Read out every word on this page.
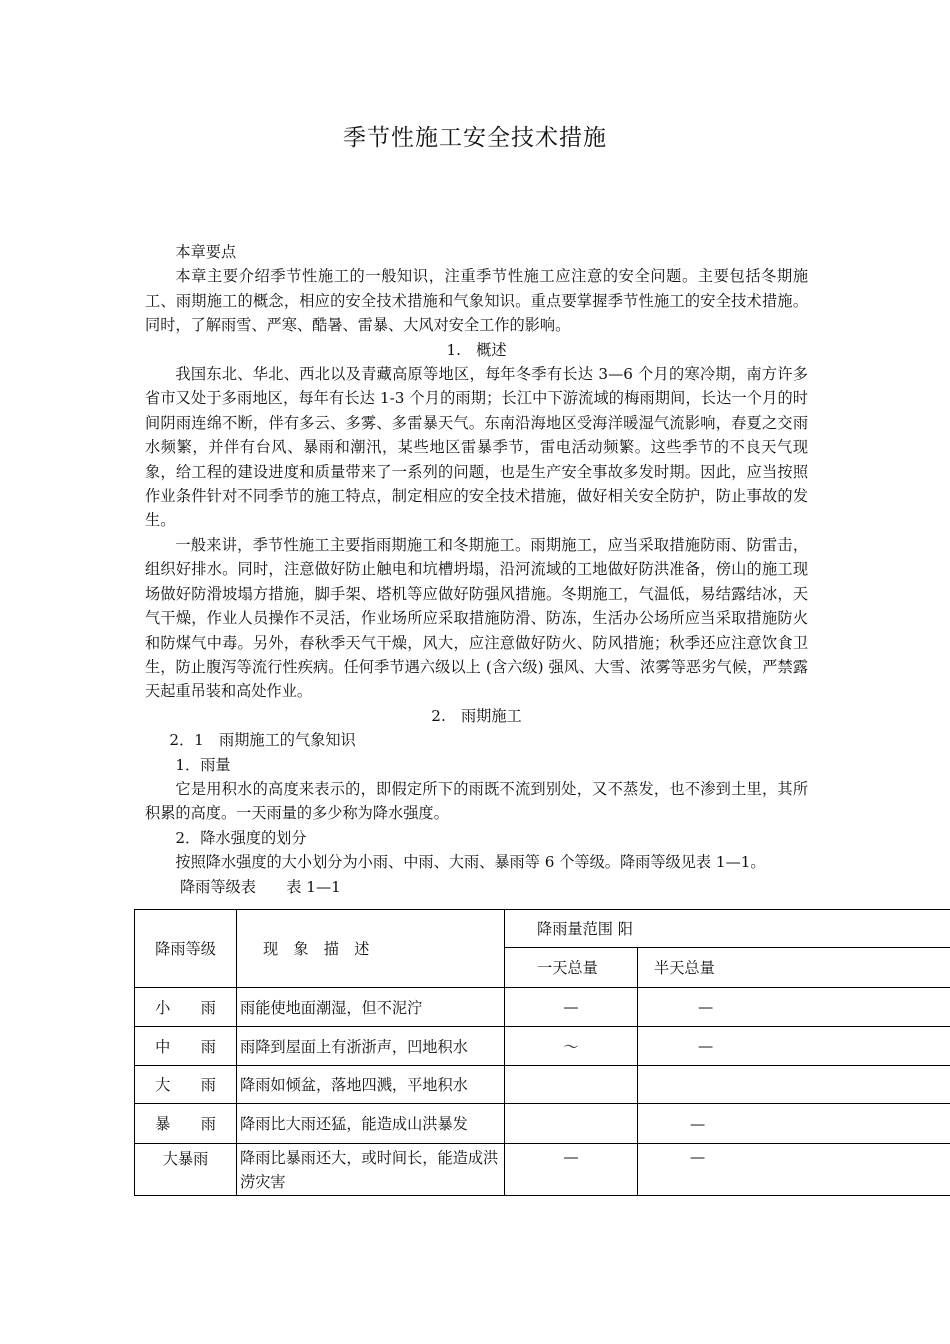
季节性施工安全技术措施

本章要点

本章主要介绍季节性施工的一般知识，注重季节性施工应注意的安全问题。主要包括冬期施工、雨期施工的概念，相应的安全技术措施和气象知识。重点要掌握季节性施工的安全技术措施。同时，了解雨雪、严寒、酷暑、雷暴、大风对安全工作的影响。

1.　概述

我国东北、华北、西北以及青藏高原等地区，每年冬季有长达 3—6 个月的寒冷期，南方许多省市又处于多雨地区，每年有长达 1-3 个月的雨期；长江中下游流域的梅雨期间，长达一个月的时间阴雨连绵不断，伴有多云、多雾、多雷暴天气。东南沿海地区受海洋暖湿气流影响，春夏之交雨水频繁，并伴有台风、暴雨和潮汛，某些地区雷暴季节，雷电活动频繁。这些季节的不良天气现象，给工程的建设进度和质量带来了一系列的问题，也是生产安全事故多发时期。因此，应当按照作业条件针对不同季节的施工特点，制定相应的安全技术措施，做好相关安全防护，防止事故的发生。

一般来讲，季节性施工主要指雨期施工和冬期施工。雨期施工，应当采取措施防雨、防雷击，组织好排水。同时，注意做好防止触电和坑槽坍塌，沿河流域的工地做好防洪准备，傍山的施工现场做好防滑坡塌方措施，脚手架、塔机等应做好防强风措施。冬期施工，气温低，易结露结冰，天气干燥，作业人员操作不灵活，作业场所应采取措施防滑、防冻，生活办公场所应当采取措施防火和防煤气中毒。另外，春秋季天气干燥，风大，应注意做好防火、防风措施；秋季还应注意饮食卫生，防止腹泻等流行性疾病。任何季节遇六级以上 (含六级) 强风、大雪、浓雾等恶劣气候，严禁露天起重吊装和高处作业。

2.　雨期施工

2．1　雨期施工的气象知识

1．雨量

它是用积水的高度来表示的，即假定所下的雨既不流到别处，又不蒸发，也不渗到土里，其所积累的高度。一天雨量的多少称为降水强度。

2．降水强度的划分

按照降水强度的大小划分为小雨、中雨、大雨、暴雨等 6 个等级。降雨等级见表 1—1。

降雨等级表　　表 1—1

降雨等级	现　象　描　述	降雨量范围 阳	
		一天总量	半天总量
小　　雨	雨能使地面潮湿，但不泥泞	—	—
中　　雨	雨降到屋面上有浙浙声，凹地积水	～	—
大　　雨	降雨如倾盆，落地四溅，平地积水		
暴　　雨	降雨比大雨还猛，能造成山洪暴发		—
大暴雨	降雨比暴雨还大，或时间长，能造成洪涝灾害	—	—
